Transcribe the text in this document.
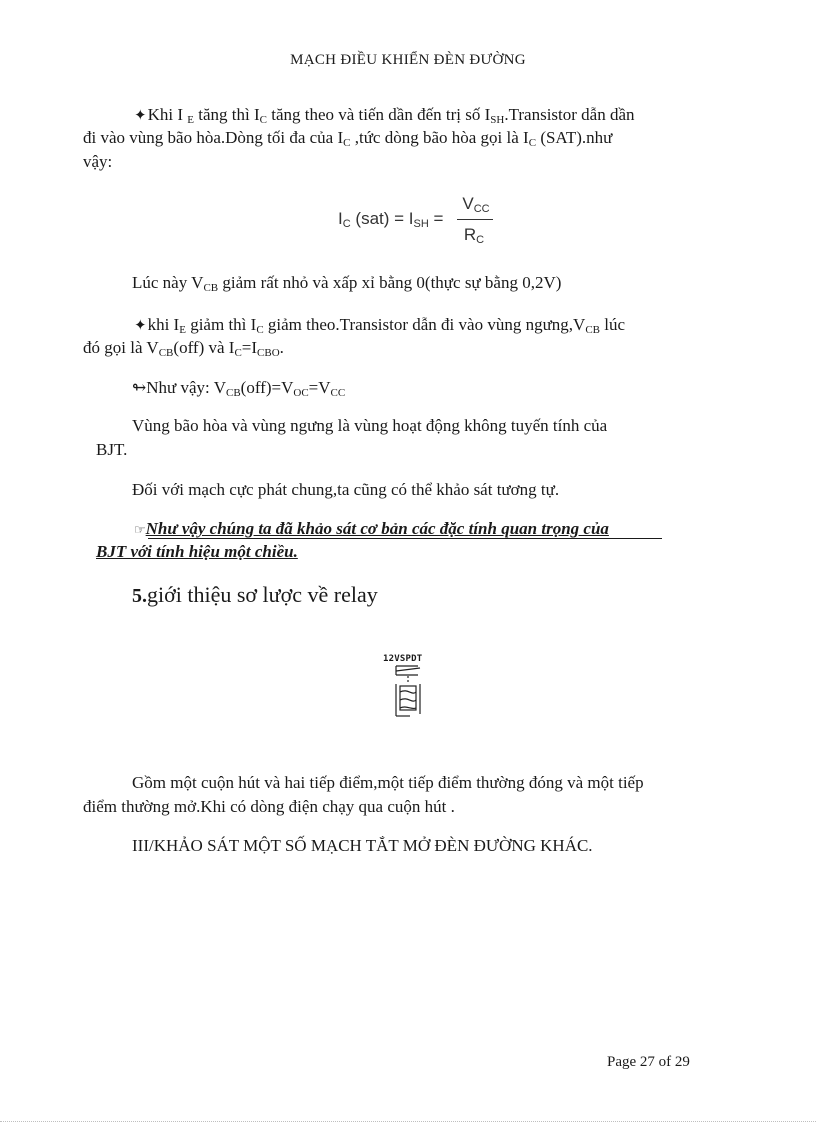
MẠCH ĐIỀU KHIỂN ĐÈN ĐƯỜNG
✦Khi I $_E$ tăng thì $I_C$ tăng theo và tiến dần đến trị số $I_{SH}.Transistor$ dẫn dần
đi vào vùng bão hòa.Dòng tối đa của $I_C$ ,tức dòng bão hòa gọi là $I_C$ (SAT).như
vậy:
$I_C$ $(sat) = I_{SH}$ =
$V_{CC}$
$R_C$
Lúc này $V_{CB}$ giảm rất nhỏ và xấp xỉ bằng 0(thực sự bằng 0,2V)
✦khi $I_E$ giảm thì $I_C$ giảm theo.Transistor dẫn đi vào vùng $ngưng,V_{CB}$ lúc
đó gọi là $V_{CB}(off)$ và $I_C=I_{CBO}$.
↬Như vậy: $V_{CB}(off)=V_{OC}=V_{CC}$
Vùng bão hòa và vùng ngưng là vùng hoạt động không tuyến tính của
BJT.
Đối với mạch cực phát chung,ta cũng có thể khảo sát tương tự.
☞Như vậy chúng ta đã khảo sát cơ bản các đặc tính quan trọng của
BJT với tính hiệu một chiều.
5.giới thiệu sơ lược về relay
12VSPDT
Gồm một cuộn hút và hai tiếp điểm,một tiếp điểm thường đóng và một tiếp
điểm thường mở.Khi có dòng điện chạy qua cuộn hút .
III/KHẢO SÁT MỘT SỐ MẠCH TẮT MỞ ĐÈN ĐƯỜNG KHÁC.
Page 27 of 29
